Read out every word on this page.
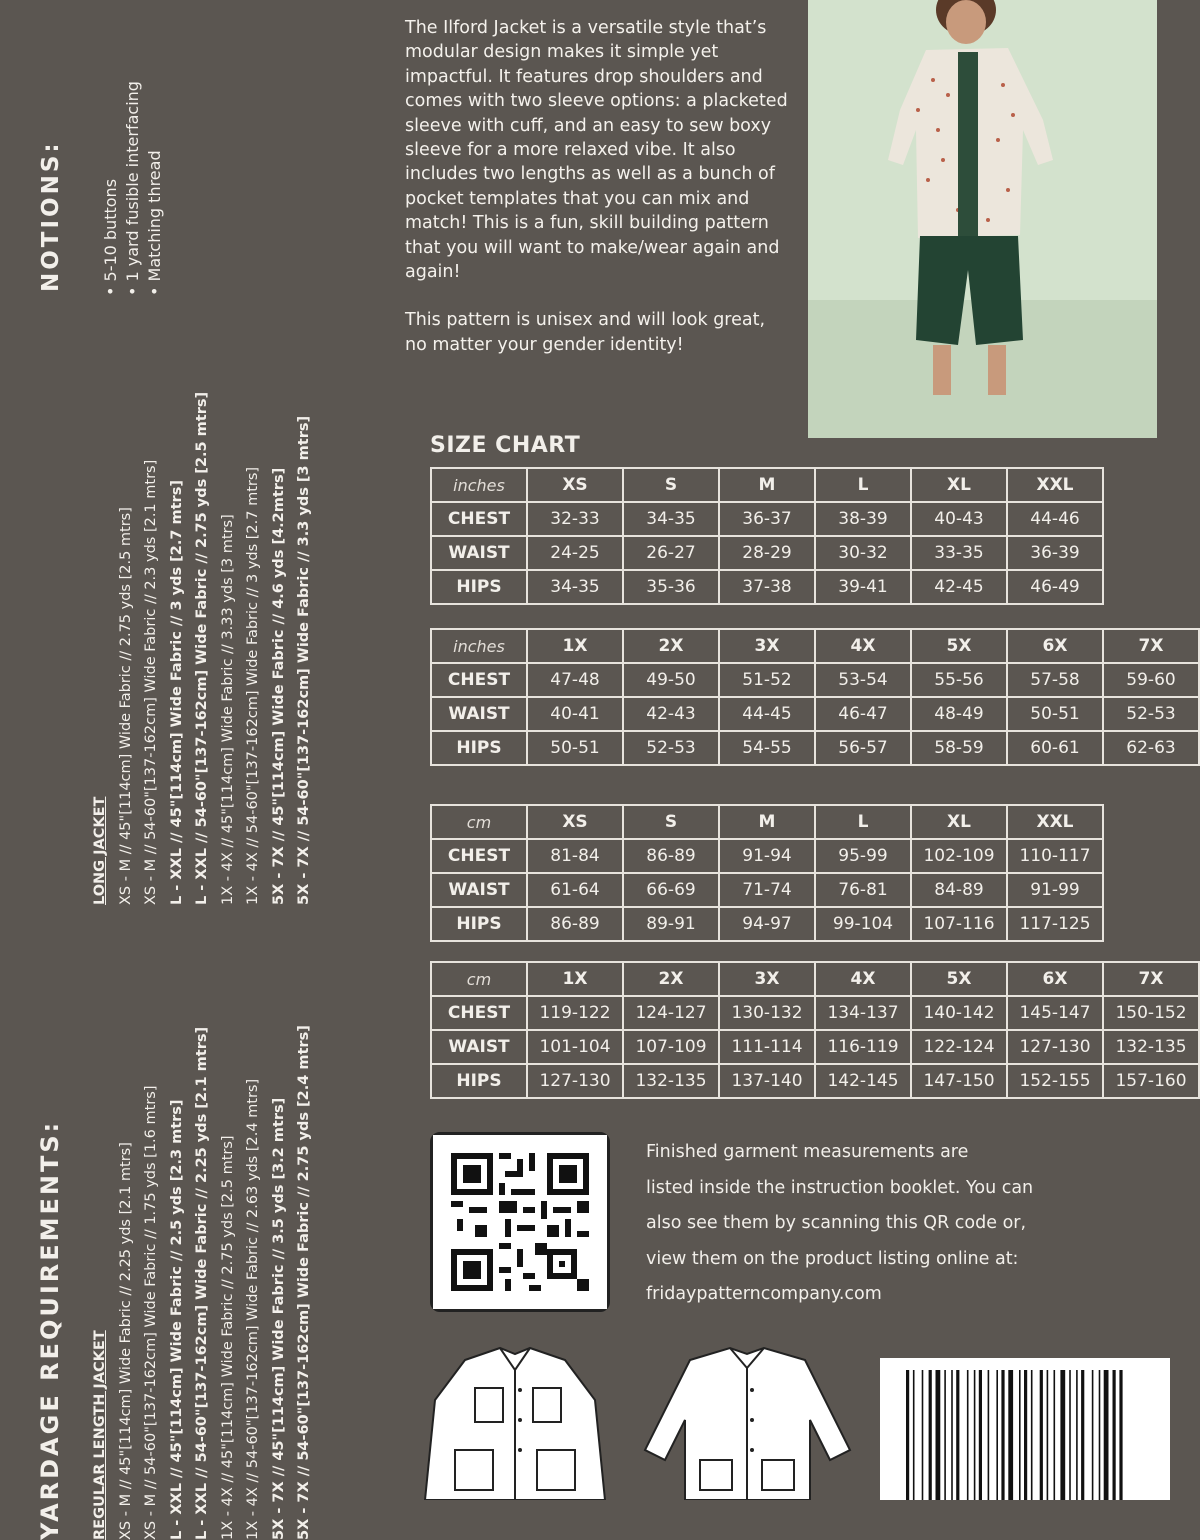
NOTIONS: • 5-10 buttons • 1 yard fusible interfacing • Matching thread
LONG JACKET XS - M // 45"[114cm] Wide Fabric // 2.75 yds [2.5 mtrs] XS - M // 54-60"[137-162cm] Wide Fabric // 2.3 yds [2.1 mtrs] L - XXL // 45"[114cm] Wide Fabric // 3 yds [2.7 mtrs] L - XXL // 54-60"[137-162cm] Wide Fabric // 2.75 yds [2.5 mtrs] 1X - 4X // 45"[114cm] Wide Fabric // 3.33 yds [3 mtrs] 1X - 4X // 54-60"[137-162cm] Wide Fabric // 3 yds [2.7 mtrs] 5X - 7X // 45"[114cm] Wide Fabric // 4.6 yds [4.2mtrs] 5X - 7X // 54-60"[137-162cm] Wide Fabric // 3.3 yds [3 mtrs]
YARDAGE REQUIREMENTS: REGULAR LENGTH JACKET XS - M // 45"[114cm] Wide Fabric // 2.25 yds [2.1 mtrs] XS - M // 54-60"[137-162cm] Wide Fabric // 1.75 yds [1.6 mtrs] L - XXL // 45"[114cm] Wide Fabric // 2.5 yds [2.3 mtrs] L - XXL // 54-60"[137-162cm] Wide Fabric // 2.25 yds [2.1 mtrs] 1X - 4X // 45"[114cm] Wide Fabric // 2.75 yds [2.5 mtrs] 1X - 4X // 54-60"[137-162cm] Wide Fabric // 2.63 yds [2.4 mtrs] 5X - 7X // 45"[114cm] Wide Fabric // 3.5 yds [3.2 mtrs] 5X - 7X // 54-60"[137-162cm] Wide Fabric // 2.75 yds [2.4 mtrs]

The Ilford Jacket is a versatile style that’s modular design makes it simple yet impactful. It features drop shoulders and comes with two sleeve options: a placketed sleeve with cuff, and an easy to sew boxy sleeve for a more relaxed vibe. It also includes two lengths as well as a bunch of pocket templates that you can mix and match! This is a fun, skill building pattern that you will want to make/wear again and again!

This pattern is unisex and will look great, no matter your gender identity!

SIZE CHART
inches	XS	S	M	L	XL	XXL
CHEST	32-33	34-35	36-37	38-39	40-43	44-46
WAIST	24-25	26-27	28-29	30-32	33-35	36-39
HIPS	34-35	35-36	37-38	39-41	42-45	46-49
inches	1X	2X	3X	4X	5X	6X	7X
CHEST	47-48	49-50	51-52	53-54	55-56	57-58	59-60
WAIST	40-41	42-43	44-45	46-47	48-49	50-51	52-53
HIPS	50-51	52-53	54-55	56-57	58-59	60-61	62-63
cm	XS	S	M	L	XL	XXL
CHEST	81-84	86-89	91-94	95-99	102-109	110-117
WAIST	61-64	66-69	71-74	76-81	84-89	91-99
HIPS	86-89	89-91	94-97	99-104	107-116	117-125
cm	1X	2X	3X	4X	5X	6X	7X
CHEST	119-122	124-127	130-132	134-137	140-142	145-147	150-152
WAIST	101-104	107-109	111-114	116-119	122-124	127-130	132-135
HIPS	127-130	132-135	137-140	142-145	147-150	152-155	157-160
Finished garment measurements are
listed inside the instruction booklet. You can
also see them by scanning this QR code or,
view them on the product listing online at:
fridaypatterncompany.com
